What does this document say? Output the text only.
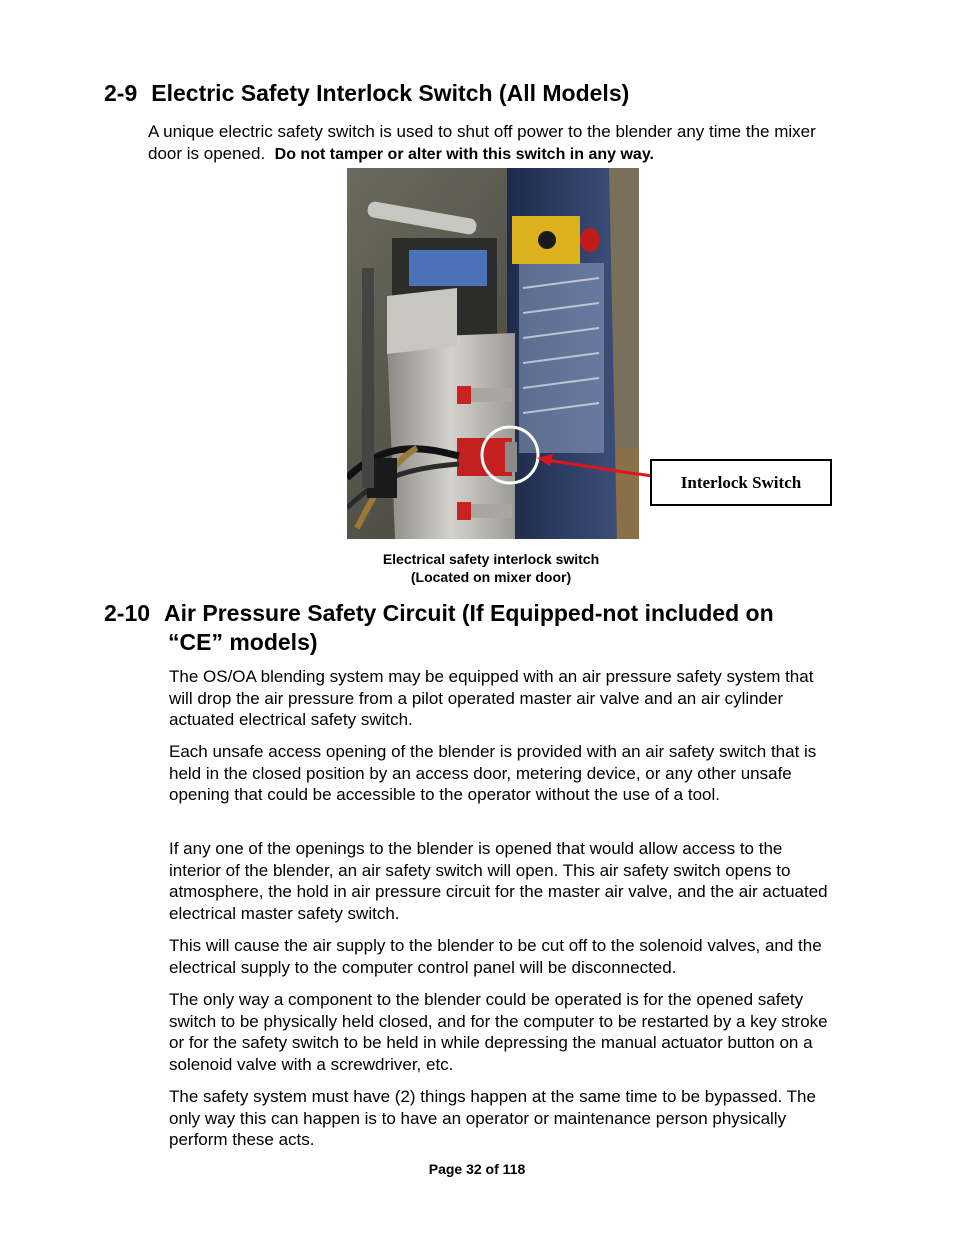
2-9 Electric Safety Interlock Switch (All Models)
A unique electric safety switch is used to shut off power to the blender any time the mixer door is opened. Do not tamper or alter with this switch in any way.
Interlock Switch
Electrical safety interlock switch
(Located on mixer door)
2-10 Air Pressure Safety Circuit (If Equipped-not included on
“CE” models)
The OS/OA blending system may be equipped with an air pressure safety system that will drop the air pressure from a pilot operated master air valve and an air cylinder actuated electrical safety switch.
Each unsafe access opening of the blender is provided with an air safety switch that is held in the closed position by an access door, metering device, or any other unsafe opening that could be accessible to the operator without the use of a tool.
If any one of the openings to the blender is opened that would allow access to the interior of the blender, an air safety switch will open. This air safety switch opens to atmosphere, the hold in air pressure circuit for the master air valve, and the air actuated electrical master safety switch.
This will cause the air supply to the blender to be cut off to the solenoid valves, and the electrical supply to the computer control panel will be disconnected.
The only way a component to the blender could be operated is for the opened safety switch to be physically held closed, and for the computer to be restarted by a key stroke or for the safety switch to be held in while depressing the manual actuator button on a solenoid valve with a screwdriver, etc.
The safety system must have (2) things happen at the same time to be bypassed. The only way this can happen is to have an operator or maintenance person physically perform these acts.
Page 32 of 118
